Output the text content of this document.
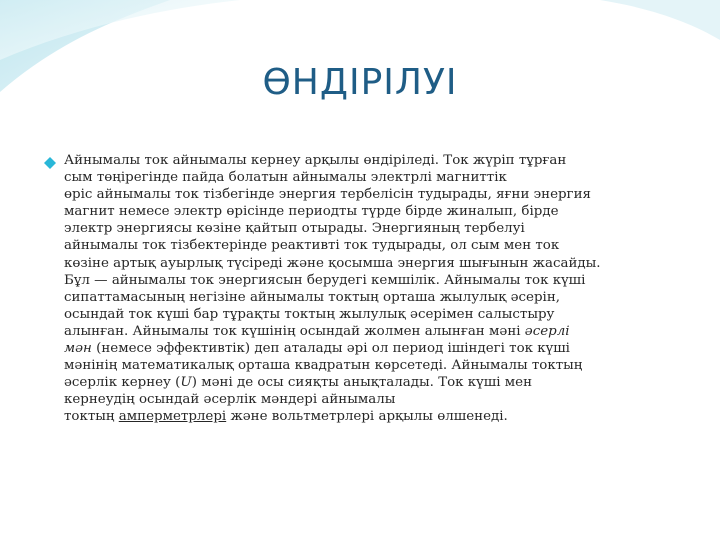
ӨНДІРІЛУІ
Айнымалы ток айнымалы кернеу арқылы өндіріледі. Ток жүріп тұрған
сым төңірегінде пайда болатын айнымалы электрлі магниттік
өріс айнымалы ток тізбегінде энергия тербелісін тудырады, яғни энергия
магнит немесе электр өрісінде периодты түрде бірде жиналып, бірде
электр энергиясы көзіне қайтып отырады. Энергияның тербелуі
айнымалы ток тізбектерінде реактивті ток тудырады, ол сым мен ток
көзіне артық ауырлық түсіреді және қосымша энергия шығынын жасайды.
Бұл — айнымалы ток энергиясын берудегі кемшілік. Айнымалы ток күші
сипаттамасының негізіне айнымалы токтың орташа жылулық әсерін,
осындай ток күші бар тұрақты токтың жылулық әсерімен салыстыру
алынған. Айнымалы ток күшінің осындай жолмен алынған мәні әсерлі
мән (немесе эффективтік) деп аталады әрі ол период ішіндегі ток күші
мәнінің математикалық орташа квадратын көрсетеді. Айнымалы токтың
әсерлік кернеу (U) мәні де осы сияқты анықталады. Ток күші мен
кернеудің осындай әсерлік мәндері айнымалы
токтың амперметрлері және вольтметрлері арқылы өлшенеді.
